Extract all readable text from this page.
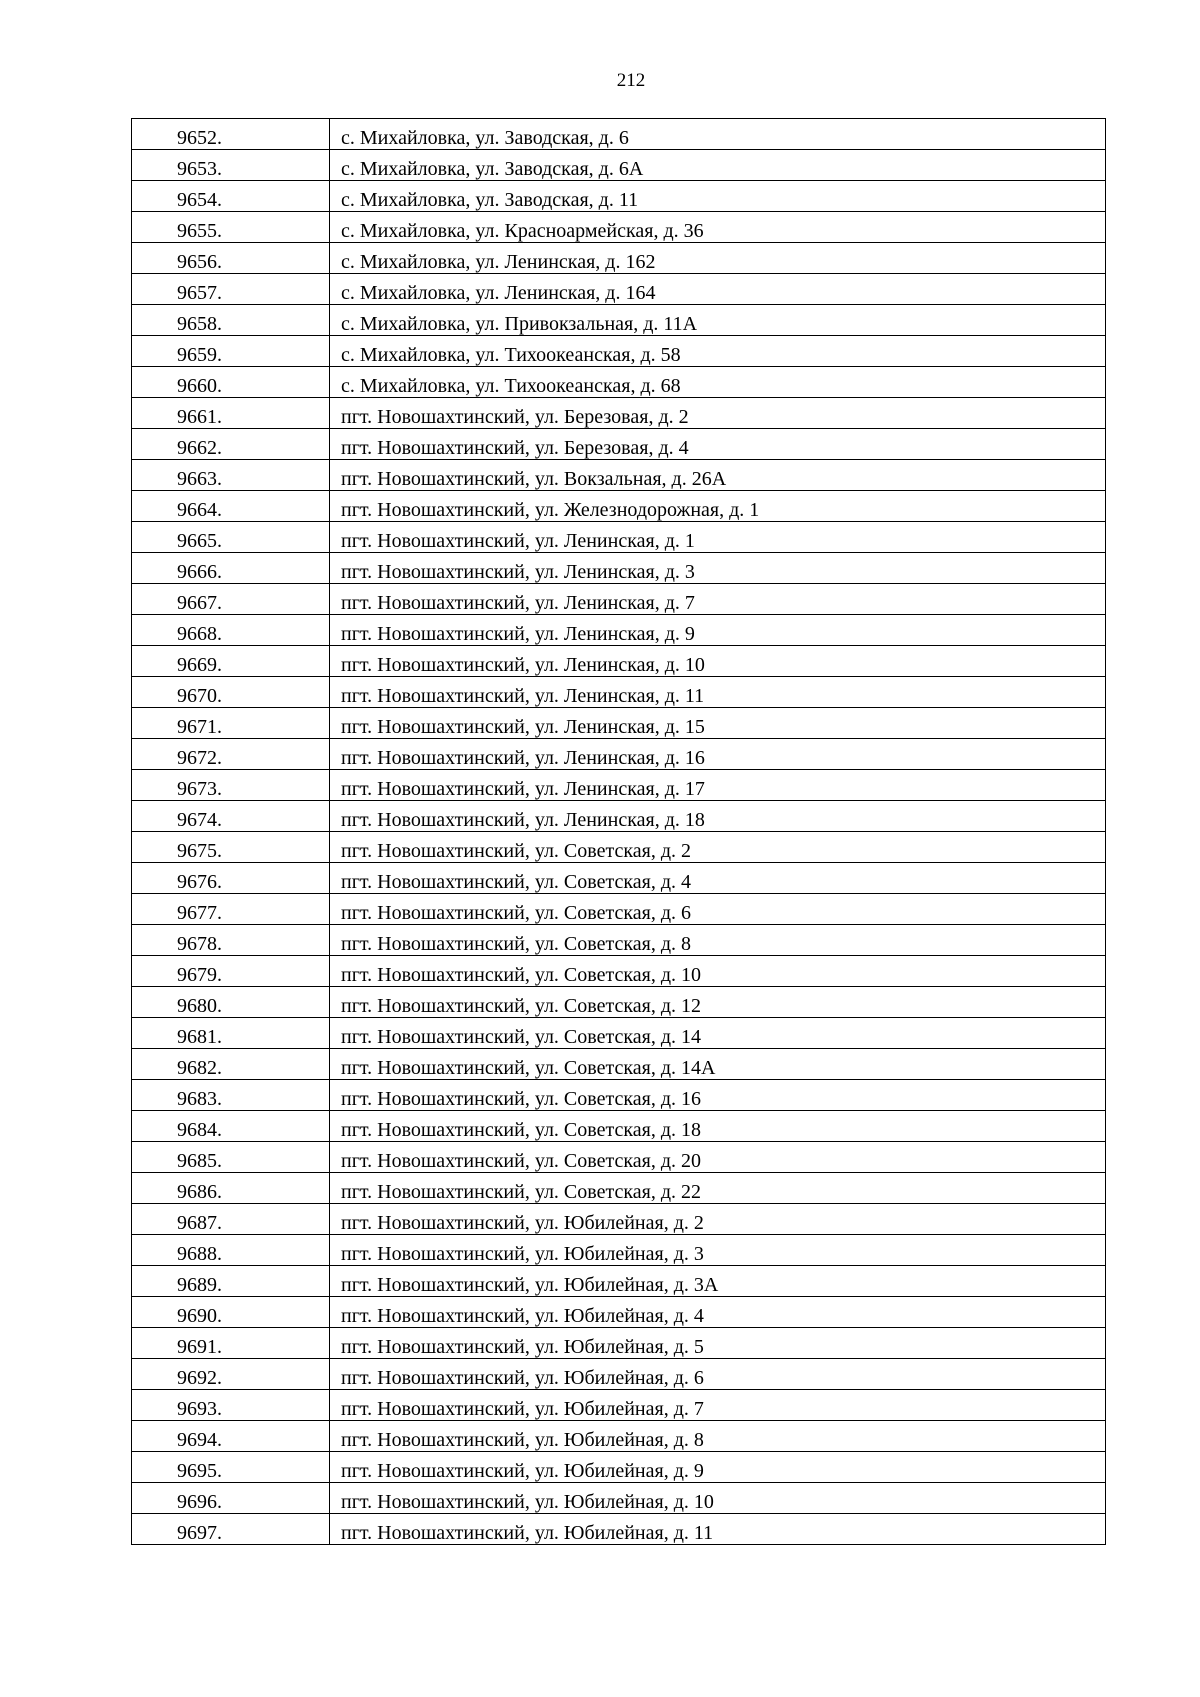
212
9652.	с. Михайловка, ул. Заводская, д. 6
9653.	с. Михайловка, ул. Заводская, д. 6А
9654.	с. Михайловка, ул. Заводская, д. 11
9655.	с. Михайловка, ул. Красноармейская, д. 36
9656.	с. Михайловка, ул. Ленинская, д. 162
9657.	с. Михайловка, ул. Ленинская, д. 164
9658.	с. Михайловка, ул. Привокзальная, д. 11А
9659.	с. Михайловка, ул. Тихоокеанская, д. 58
9660.	с. Михайловка, ул. Тихоокеанская, д. 68
9661.	пгт. Новошахтинский, ул. Березовая, д. 2
9662.	пгт. Новошахтинский, ул. Березовая, д. 4
9663.	пгт. Новошахтинский, ул. Вокзальная, д. 26А
9664.	пгт. Новошахтинский, ул. Железнодорожная, д. 1
9665.	пгт. Новошахтинский, ул. Ленинская, д. 1
9666.	пгт. Новошахтинский, ул. Ленинская, д. 3
9667.	пгт. Новошахтинский, ул. Ленинская, д. 7
9668.	пгт. Новошахтинский, ул. Ленинская, д. 9
9669.	пгт. Новошахтинский, ул. Ленинская, д. 10
9670.	пгт. Новошахтинский, ул. Ленинская, д. 11
9671.	пгт. Новошахтинский, ул. Ленинская, д. 15
9672.	пгт. Новошахтинский, ул. Ленинская, д. 16
9673.	пгт. Новошахтинский, ул. Ленинская, д. 17
9674.	пгт. Новошахтинский, ул. Ленинская, д. 18
9675.	пгт. Новошахтинский, ул. Советская, д. 2
9676.	пгт. Новошахтинский, ул. Советская, д. 4
9677.	пгт. Новошахтинский, ул. Советская, д. 6
9678.	пгт. Новошахтинский, ул. Советская, д. 8
9679.	пгт. Новошахтинский, ул. Советская, д. 10
9680.	пгт. Новошахтинский, ул. Советская, д. 12
9681.	пгт. Новошахтинский, ул. Советская, д. 14
9682.	пгт. Новошахтинский, ул. Советская, д. 14А
9683.	пгт. Новошахтинский, ул. Советская, д. 16
9684.	пгт. Новошахтинский, ул. Советская, д. 18
9685.	пгт. Новошахтинский, ул. Советская, д. 20
9686.	пгт. Новошахтинский, ул. Советская, д. 22
9687.	пгт. Новошахтинский, ул. Юбилейная, д. 2
9688.	пгт. Новошахтинский, ул. Юбилейная, д. 3
9689.	пгт. Новошахтинский, ул. Юбилейная, д. 3А
9690.	пгт. Новошахтинский, ул. Юбилейная, д. 4
9691.	пгт. Новошахтинский, ул. Юбилейная, д. 5
9692.	пгт. Новошахтинский, ул. Юбилейная, д. 6
9693.	пгт. Новошахтинский, ул. Юбилейная, д. 7
9694.	пгт. Новошахтинский, ул. Юбилейная, д. 8
9695.	пгт. Новошахтинский, ул. Юбилейная, д. 9
9696.	пгт. Новошахтинский, ул. Юбилейная, д. 10
9697.	пгт. Новошахтинский, ул. Юбилейная, д. 11
